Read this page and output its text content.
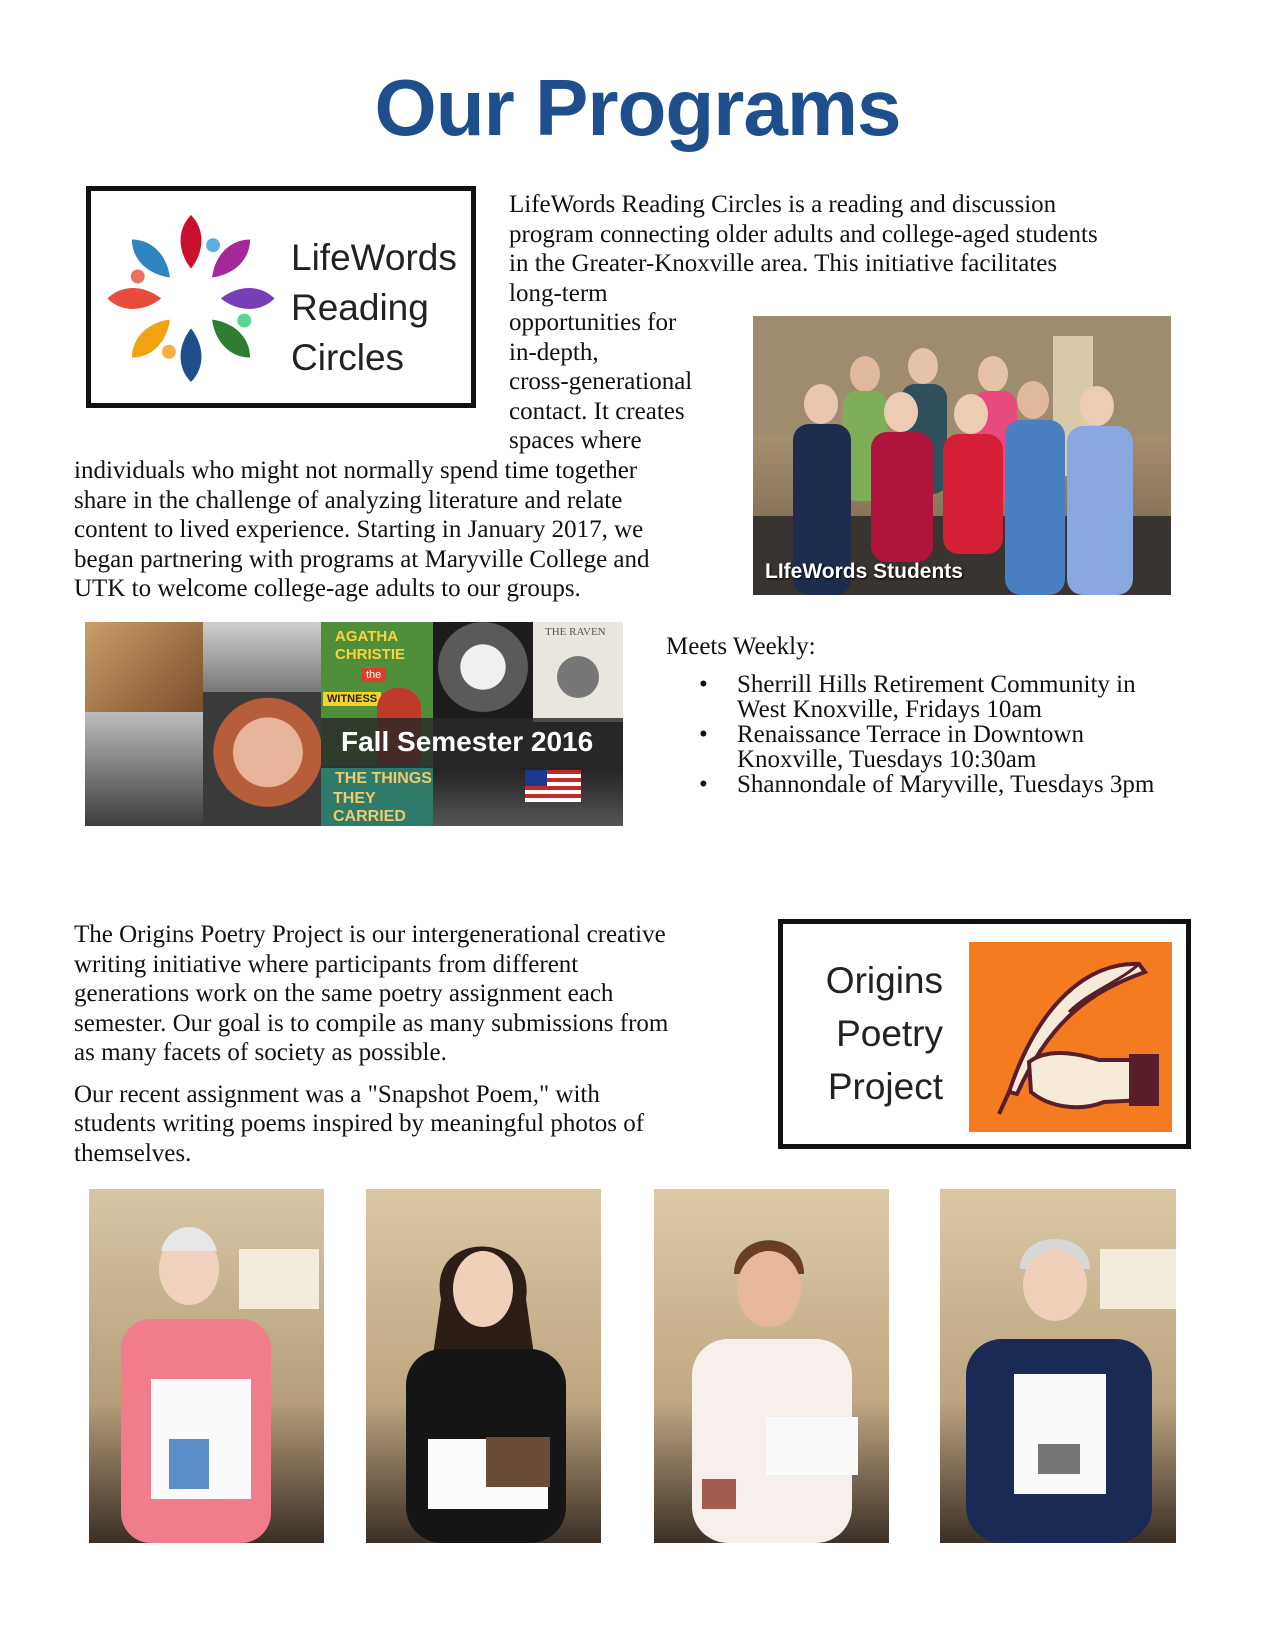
Our Programs
LifeWords
Reading
Circles
LifeWords Reading Circles is a reading and discussion
program connecting older adults and college-aged students
in the Greater-Knoxville area. This initiative facilitates
long-term
opportunities for
in-depth,
cross-generational
contact. It creates
spaces where
individuals who might not normally spend time together
share in the challenge of analyzing literature and relate
content to lived experience. Starting in January 2017, we
began partnering with programs at Maryville College and
UTK to welcome college-age adults to our groups.
LIfeWords Students
AGATHA
CHRISTIE
the
WITNESS
THE RAVEN
THE THINGS
THEY CARRIED
Fall Semester 2016
Meets Weekly:
• Sherrill Hills Retirement Community in
West Knoxville, Fridays 10am
• Renaissance Terrace in Downtown
Knoxville, Tuesdays 10:30am
• Shannondale of Maryville, Tuesdays 3pm
The Origins Poetry Project is our intergenerational creative
writing initiative where participants from different
generations work on the same poetry assignment each
semester. Our goal is to compile as many submissions from
as many facets of society as possible.
Our recent assignment was a "Snapshot Poem," with
students writing poems inspired by meaningful photos of
themselves.
Origins
Poetry
Project
